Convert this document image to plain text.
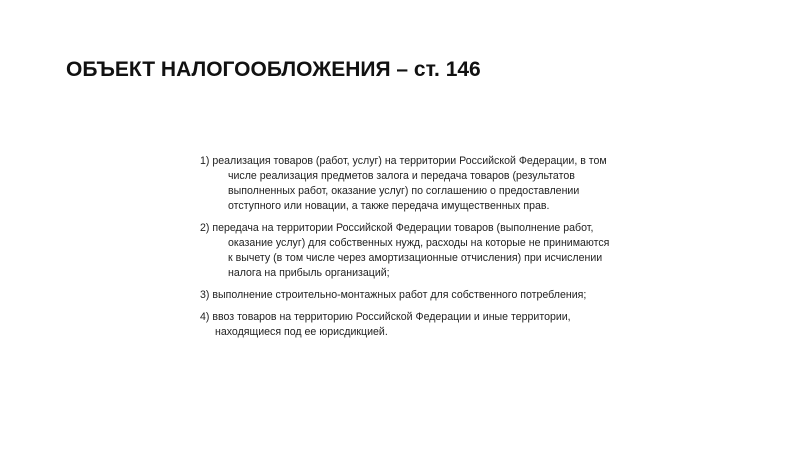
ОБЪЕКТ НАЛОГООБЛОЖЕНИЯ – ст. 146
1) реализация товаров (работ, услуг) на территории Российской Федерации, в том числе реализация предметов залога и передача товаров (результатов выполненных работ, оказание услуг) по соглашению о предоставлении отступного или новации, а также передача имущественных прав.
2) передача на территории Российской Федерации товаров (выполнение работ, оказание услуг) для собственных нужд, расходы на которые не принимаются к вычету (в том числе через амортизационные отчисления) при исчислении налога на прибыль организаций;
3) выполнение строительно-монтажных работ для собственного потребления;
4) ввоз товаров на территорию Российской Федерации и иные территории, находящиеся под ее юрисдикцией.
